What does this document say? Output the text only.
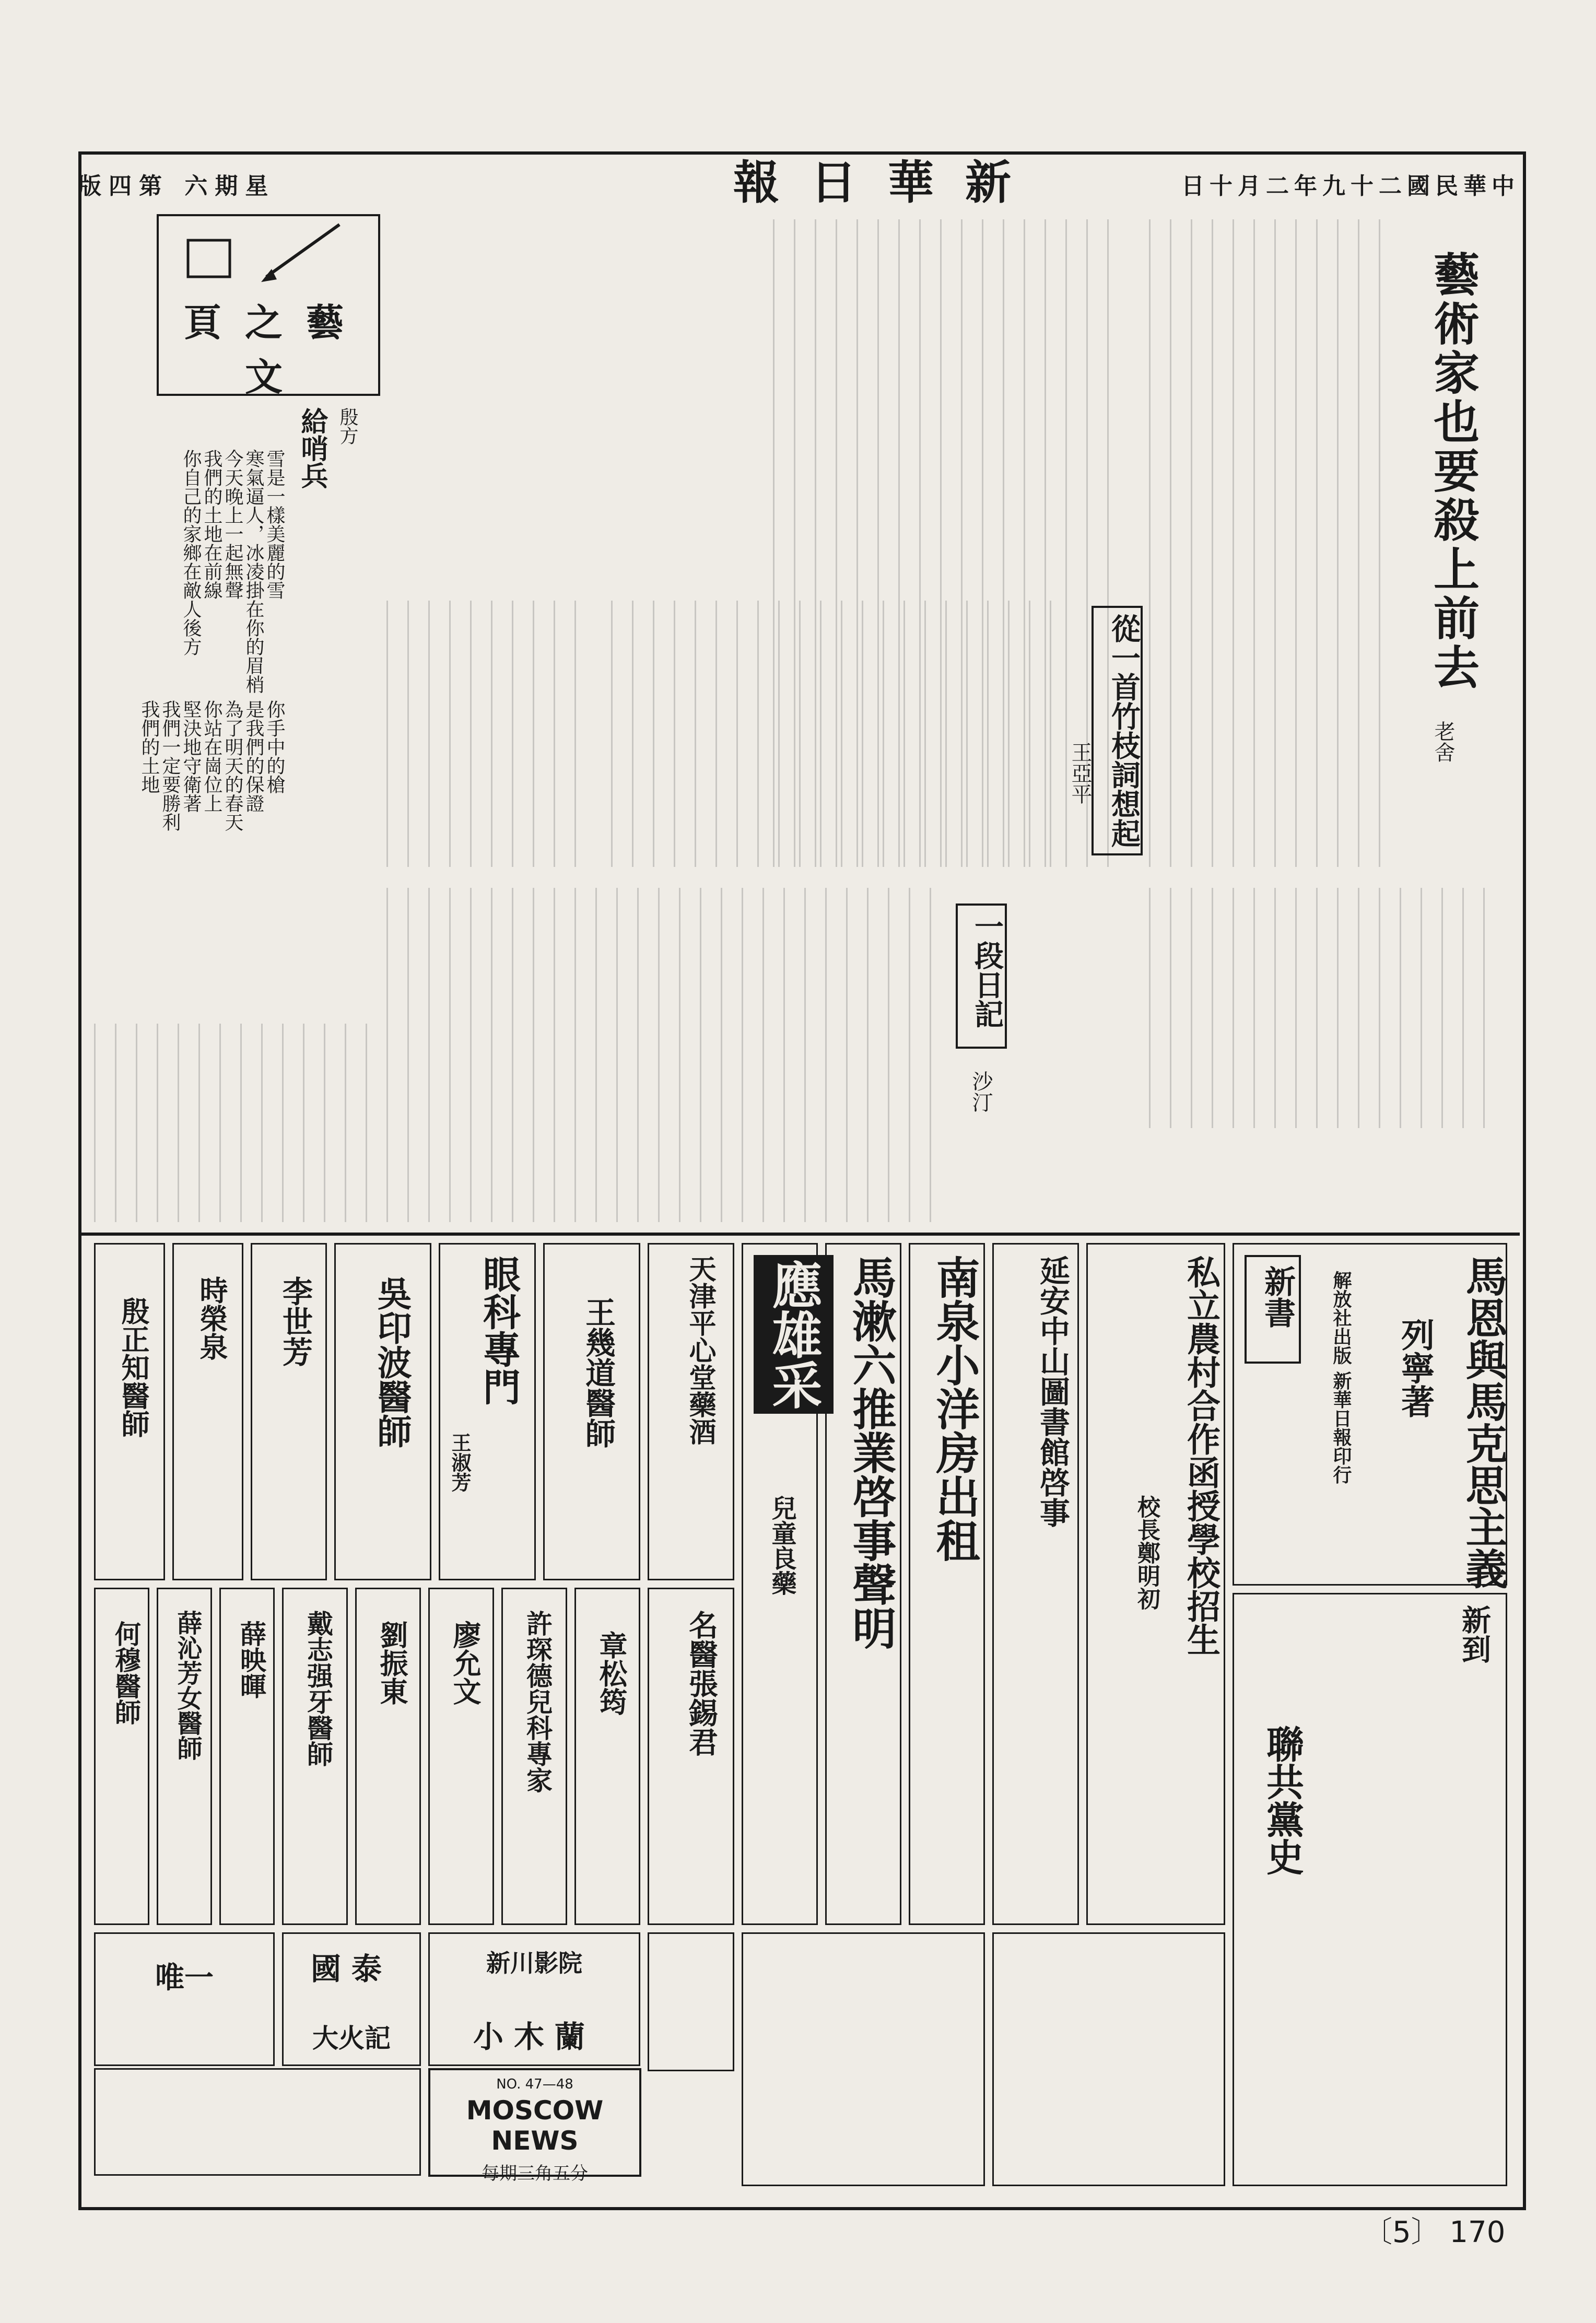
版四第 六期星	報日華新	日十月二年九十二國民華中
藝術家也要殺上前去
老舍
從一首竹枝詞想起
王亞平
頁 之 藝 文
給哨兵 殷方
雪是一樣美麗的雪
寒氣逼人，冰凌掛在你的眉梢
今天晚上一起無聲
我們的土地在前線
你自己的家鄉在敵人後方
我們一定要勝利	你手中的槍
是我們的保證
為了明天的春天
你站在崗位上
堅決地守衛著
我們的土地
一段日記
沙汀
新書	馬恩與馬克思主義
列寧著
解放社出版 新華日報印行
私立農村合作函授學校招生
校長鄭明初
延安中山圖書館啓事
南泉小洋房出租
馬漱六推業啓事聲明
應雄采
兒童良藥
天津平心堂藥酒
王幾道醫師
眼科專門
王淑芳
吳印波醫師
李世芳
時榮泉
殷正知醫師
名醫張錫君
章松筠
許琛德兒科專家
廖允文
劉振東
戴志强牙醫師
薛映暉
薛沁芳女醫師
何穆醫師	新到
聯共黨史
新川影院
小木蘭
國泰
大火記
唯一
NO. 47—48
MOSCOW NEWS
每期三角五分
〔5〕 170
